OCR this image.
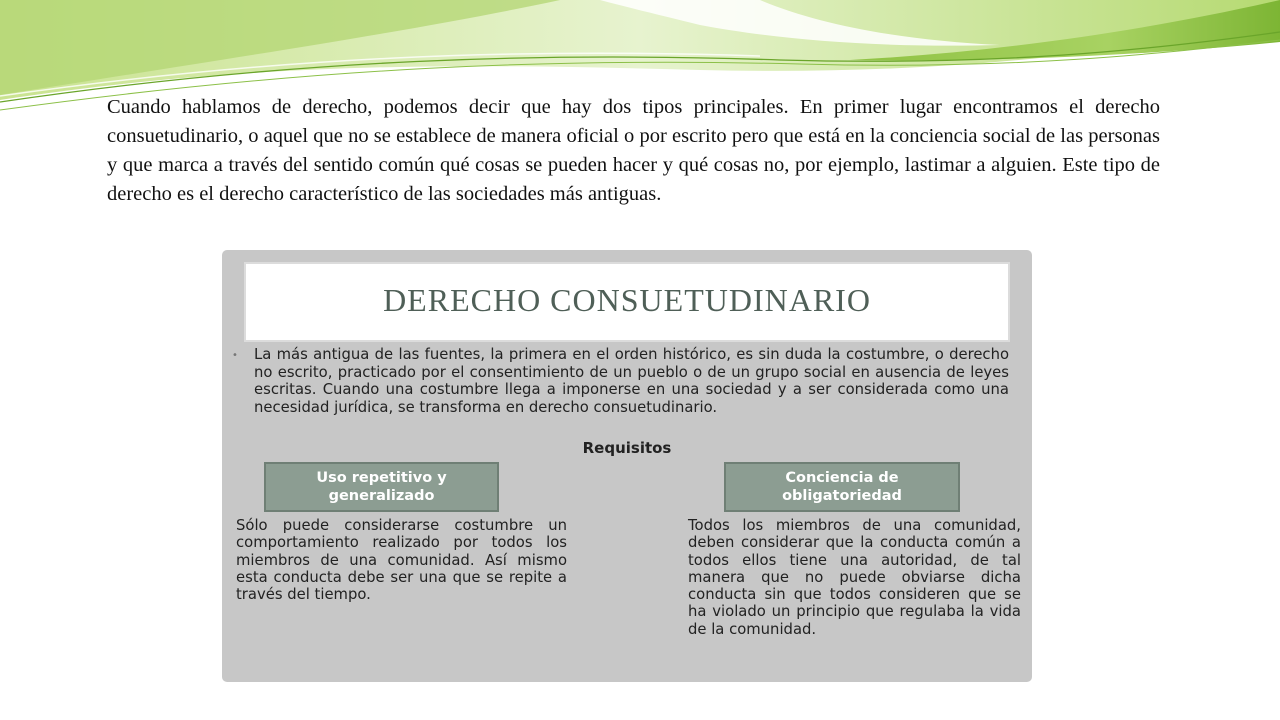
Cuando hablamos de derecho, podemos decir que hay dos tipos principales. En primer lugar encontramos el derecho consuetudinario, o aquel que no se establece de manera oficial o por escrito pero que está en la conciencia social de las personas y que marca a través del sentido común qué cosas se pueden hacer y qué cosas no, por ejemplo, lastimar a alguien. Este tipo de derecho es el derecho característico de las sociedades más antiguas.

DERECHO CONSUETUDINARIO
• La más antigua de las fuentes, la primera en el orden histórico, es sin duda la costumbre, o derecho no escrito, practicado por el consentimiento de un pueblo o de un grupo social en ausencia de leyes escritas. Cuando una costumbre llega a imponerse en una sociedad y a ser considerada como una necesidad jurídica, se transforma en derecho consuetudinario.

Requisitos
Uso repetitivo y generalizado
Conciencia de obligatoriedad

Sólo puede considerarse costumbre un comportamiento realizado por todos los miembros de una comunidad. Así mismo esta conducta debe ser una que se repite a través del tiempo.

Todos los miembros de una comunidad, deben considerar que la conducta común a todos ellos tiene una autoridad, de tal manera que no puede obviarse dicha conducta sin que todos consideren que se ha violado un principio que regulaba la vida de la comunidad.
